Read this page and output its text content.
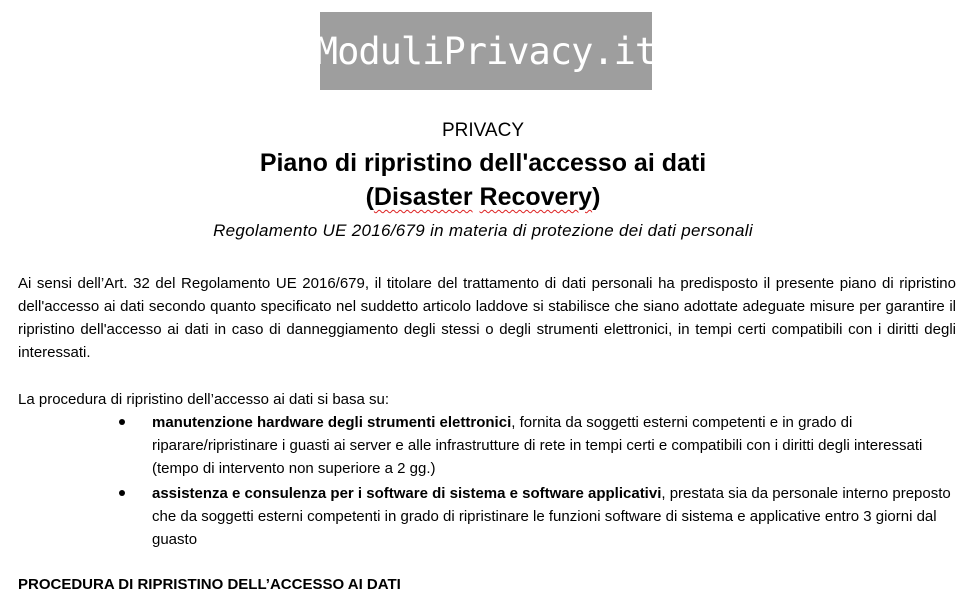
ModuliPrivacy.it
PRIVACY
Piano di ripristino dell'accesso ai dati
(Disaster Recovery)
Regolamento UE 2016/679 in materia di protezione dei dati personali

Ai sensi dell’Art. 32 del Regolamento UE 2016/679, il titolare del trattamento di dati personali ha predisposto il presente piano di ripristino dell'accesso ai dati secondo quanto specificato nel suddetto articolo laddove si stabilisce che siano adottate adeguate misure per garantire il ripristino dell'accesso ai dati in caso di danneggiamento degli stessi o degli strumenti elettronici, in tempi certi compatibili con i diritti degli interessati.

La procedura di ripristino dell’accesso ai dati si basa su:

manutenzione hardware degli strumenti elettronici, fornita da soggetti esterni competenti e in grado di riparare/ripristinare i guasti ai server e alle infrastrutture di rete in tempi certi e compatibili con i diritti degli interessati (tempo di intervento non superiore a 2 gg.)
assistenza e consulenza per i software di sistema e software applicativi, prestata sia da personale interno preposto che da soggetti esterni competenti in grado di ripristinare le funzioni software di sistema e applicative entro 3 giorni dal guasto

PROCEDURA DI RIPRISTINO DELL’ACCESSO AI DATI
